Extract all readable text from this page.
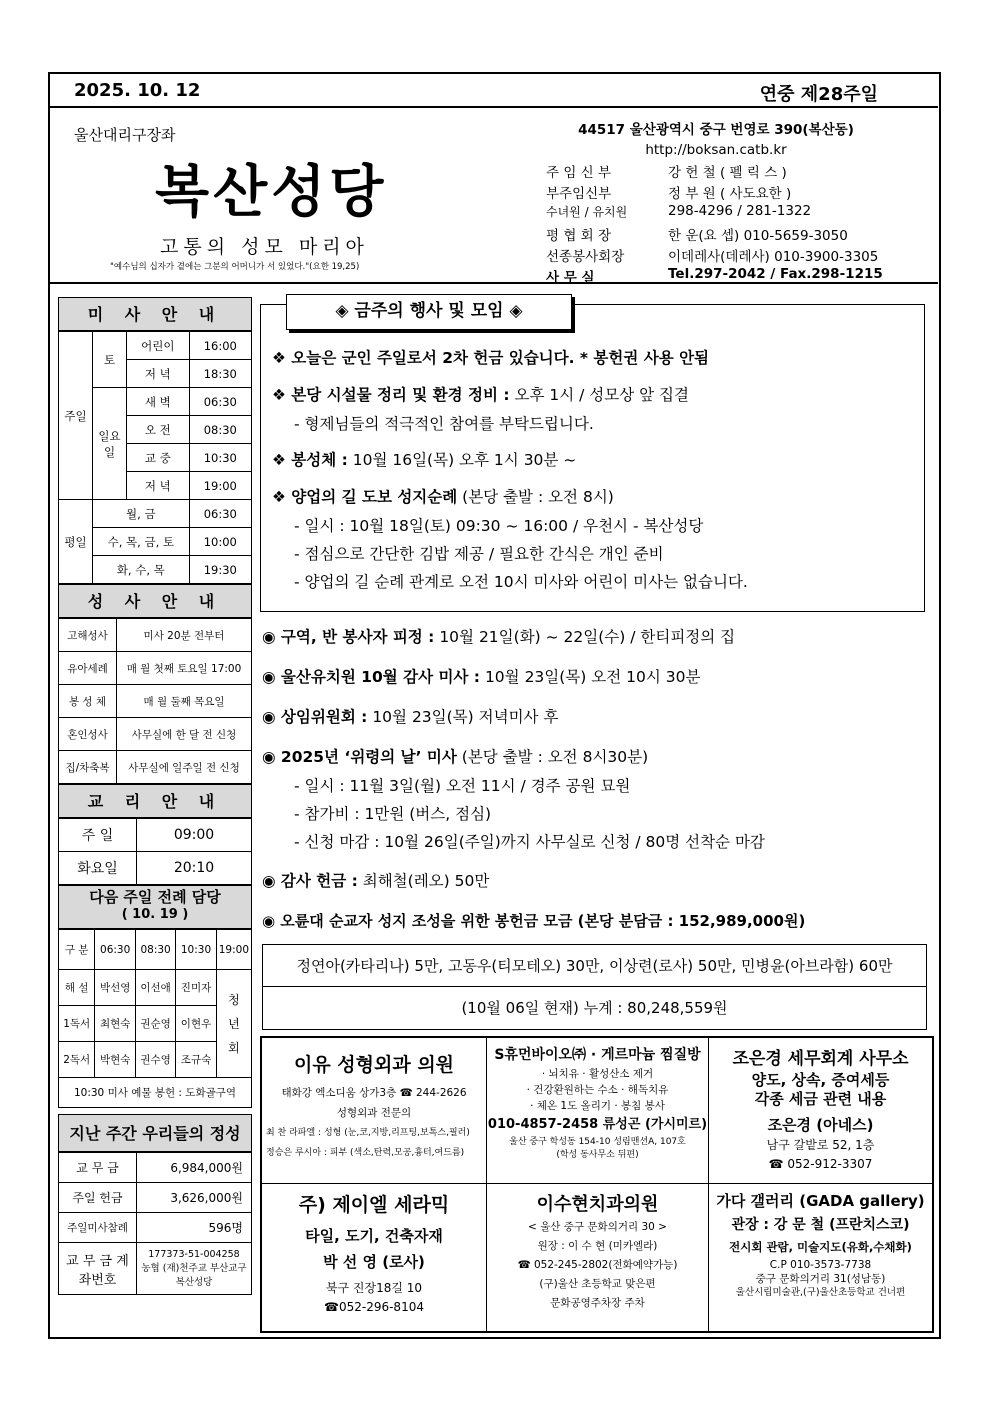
2025. 10. 12	연중 제28주일
울산대리구장좌
복산성당
고통의 성모 마리아
"예수님의 십자가 곁에는 그분의 어머니가 서 있었다."(요한 19,25)
44517 울산광역시 중구 번영로 390(복산동)
http://boksan.catb.kr
주 임 신 부	강 헌 철 ( 펠 릭 스 )
부주임신부	정 부 원 ( 사도요한 )
수녀원 / 유치원	298-4296 / 281-1322
평 협 회 장	한 운(요 셉) 010-5659-3050
선종봉사회장	이데레사(데레사) 010-3900-3305
사 무 실	Tel.297-2042 / Fax.298-1215
미 사 안 내
주일	토	어린이	16:00
		저 녁	18:30
	일요일	새 벽	06:30
		오 전	08:30
		교 중	10:30
		저 녁	19:00
평일	월, 금		06:30
	수, 목, 금, 토		10:00
	화, 수, 목		19:30
성 사 안 내
고해성사	미사 20분 전부터
유아세례	매 월 첫째 토요일 17:00
봉 성 체	매 월 둘째 목요일
혼인성사	사무실에 한 달 전 신청
집/차축복	사무실에 일주일 전 신청
교 리 안 내
주 일	09:00
화요일	20:10
다음 주일 전례 담당
( 10. 19 )
구 분	06:30	08:30	10:30	19:00
해 설	박선영	이선애	진미자	청년회
1독서	최현숙	권순영	이현우	
2독서	박현숙	권수영	조규숙	
10:30 미사 예물 봉헌 : 도화골구역				
지난 주간 우리들의 정성
교 무 금	6,984,000원
주일 헌금	3,626,000원
주일미사참례	596명
교 무 금 계좌번호	177373-51-004258
농협 (재)천주교 부산교구
복산성당
◈ 금주의 행사 및 모임 ◈
❖ 오늘은 군인 주일로서 2차 헌금 있습니다. * 봉헌권 사용 안됨
❖ 본당 시설물 정리 및 환경 정비 : 오후 1시 / 성모상 앞 집결
- 형제님들의 적극적인 참여를 부탁드립니다.
❖ 봉성체 : 10월 16일(목) 오후 1시 30분 ~
❖ 양업의 길 도보 성지순례 (본당 출발 : 오전 8시)
- 일시 : 10월 18일(토) 09:30 ~ 16:00 / 우천시 - 복산성당
- 점심으로 간단한 김밥 제공 / 필요한 간식은 개인 준비
- 양업의 길 순례 관계로 오전 10시 미사와 어린이 미사는 없습니다.
◉ 구역, 반 봉사자 피정 : 10월 21일(화) ~ 22일(수) / 한티피정의 집
◉ 울산유치원 10월 감사 미사 : 10월 23일(목) 오전 10시 30분
◉ 상임위원회 : 10월 23일(목) 저녁미사 후
◉ 2025년 ‘위령의 날’ 미사 (본당 출발 : 오전 8시30분)
- 일시 : 11월 3일(월) 오전 11시 / 경주 공원 묘원
- 참가비 : 1만원 (버스, 점심)
- 신청 마감 : 10월 26일(주일)까지 사무실로 신청 / 80명 선착순 마감
◉ 감사 헌금 : 최해철(레오) 50만
◉ 오륜대 순교자 성지 조성을 위한 봉헌금 모금 (본당 분담금 : 152,989,000원)
정연아(카타리나) 5만, 고동우(티모테오) 30만, 이상련(로사) 50만, 민병윤(아브라함) 60만
(10월 06일 현재) 누계 : 80,248,559원
이유 성형외과 의원
태화강 엑소디움 상가3층 ☎ 244-2626
성형외과 전문의
최 찬 라파엘 : 성형 (눈,코,지방,리프팅,보톡스,필러)
정승은 루시아 : 피부 (색소,탄력,모공,흉터,여드름)
S휴먼바이오㈜ · 게르마늄 찜질방
· 뇌치유 · 활성산소 제거
· 건강환원하는 수소 · 해독치유
· 체온 1도 올리기 · 봉침 봉사
010-4857-2458 류성곤 (가시미르)
울산 중구 학성동 154-10 성림맨션A, 107호
(학성 동사무소 뒤편)
조은경 세무회계 사무소
양도, 상속, 증여세등
각종 세금 관련 내용
조은경 (아네스)
남구 갈밭로 52, 1층
☎ 052-912-3307
주) 제이엘 세라믹
타일, 도기, 건축자재
박 선 영 (로사)
북구 진장18길 10
☎052-296-8104
이수현치과의원
< 울산 중구 문화의거리 30 >
원장 : 이 수 현 (미카엘라)
☎ 052-245-2802(전화예약가능)
(구)울산 초등학교 맞은편
문화공영주차장 주차
가다 갤러리 (GADA gallery)
관장 : 강 문 철 (프란치스코)
전시회 관람, 미술지도(유화,수채화)
C.P 010-3573-7738
중구 문화의거리 31(성남동)
울산시립미술관,(구)울산초등학교 건너편
